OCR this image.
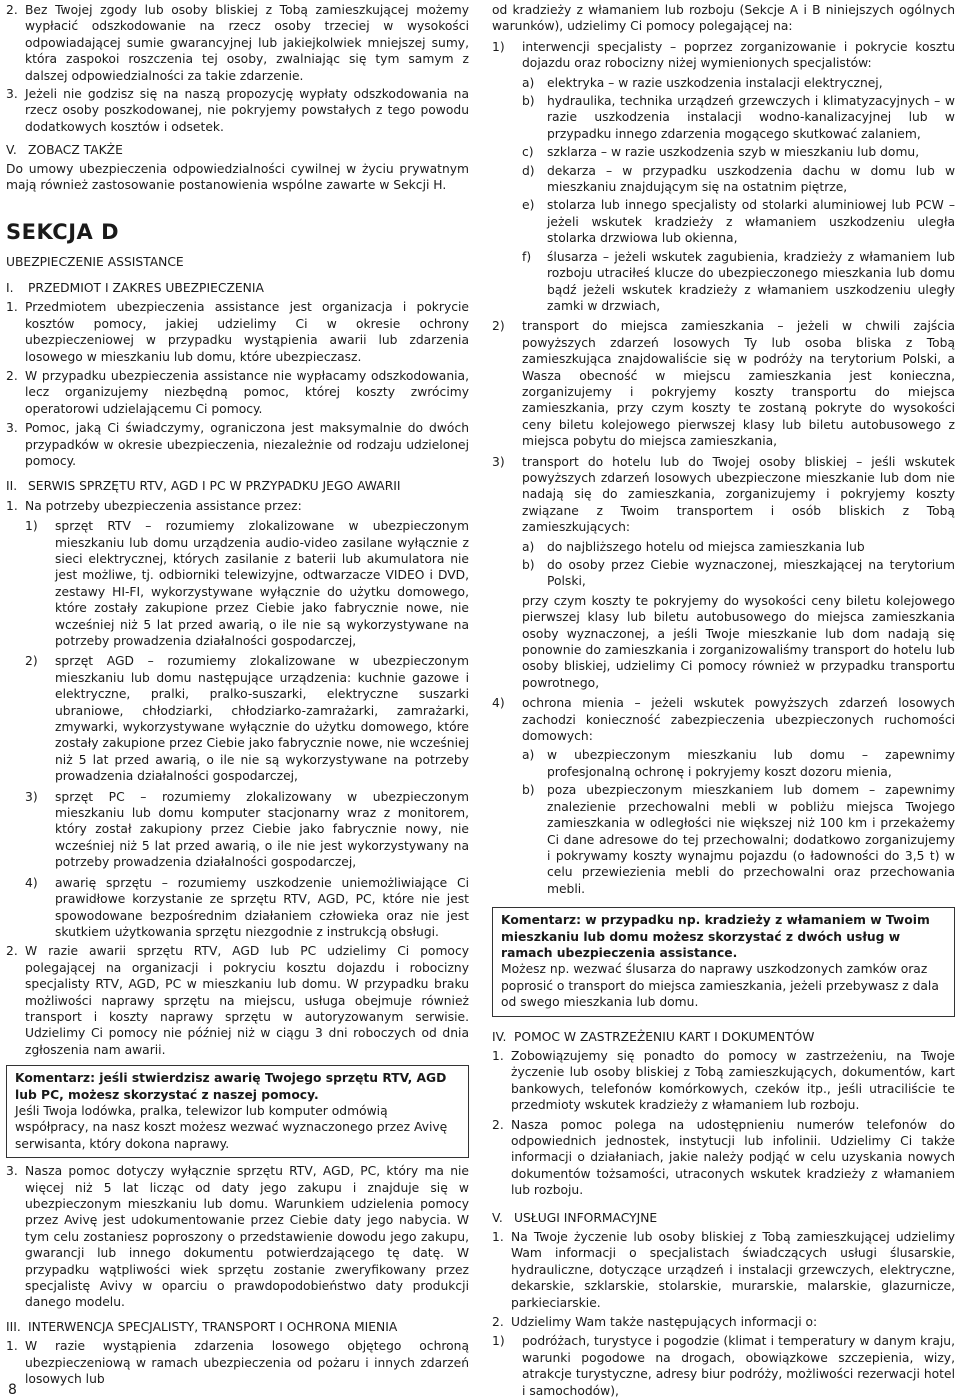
2. Bez Twojej zgody lub osoby bliskiej z Tobą zamieszkującej możemy wypłacić odszkodowanie na rzecz osoby trzeciej w wysokości odpowiadającej sumie gwarancyjnej lub jakiejkolwiek mniejszej sumy, która zaspokoi roszczenia tej osoby, zwalniając się tym samym z dalszej odpowiedzialności za takie zdarzenie.
3. Jeżeli nie godzisz się na naszą propozycję wypłaty odszkodowania na rzecz osoby poszkodowanej, nie pokryjemy powstałych z tego powodu dodatkowych kosztów i odsetek.
V. ZOBACZ TAKŻE

Do umowy ubezpieczenia odpowiedzialności cywilnej w życiu prywatnym mają również zastosowanie postanowienia wspólne zawarte w Sekcji H.

SEKCJA D
UBEZPIECZENIE ASSISTANCE
I.	PRZEDMIOT I ZAKRES UBEZPIECZENIA
1. Przedmiotem ubezpieczenia assistance jest organizacja i pokrycie kosztów pomocy, jakiej udzielimy Ci w okresie ochrony ubezpieczeniowej w przypadku wystąpienia awarii lub zdarzenia losowego w mieszkaniu lub domu, które ubezpieczasz.
2. W przypadku ubezpieczenia assistance nie wypłacamy odszkodowania, lecz organizujemy niezbędną pomoc, której koszty zwrócimy operatorowi udzielającemu Ci pomocy.
3. Pomoc, jaką Ci świadczymy, ograniczona jest maksymalnie do dwóch przypadków w okresie ubezpieczenia, niezależnie od rodzaju udzielonej pomocy.
II. SERWIS SPRZĘTU RTV, AGD I PC W PRZYPADKU JEGO AWARII
1. Na potrzeby ubezpieczenia assistance przez:
1)	sprzęt RTV – rozumiemy zlokalizowane w ubezpieczonym mieszkaniu lub domu urządzenia audio-video zasilane wyłącznie z sieci elektrycznej, których zasilanie z baterii lub akumulatora nie jest możliwe, tj. odbiorniki telewizyjne, odtwarzacze VIDEO i DVD, zestawy HI-FI, wykorzystywane wyłącznie do użytku domowego, które zostały zakupione przez Ciebie jako fabrycznie nowe, nie wcześniej niż 5 lat przed awarią, o ile nie są wykorzystywane na potrzeby prowadzenia działalności gospodarczej,
2)	sprzęt AGD – rozumiemy zlokalizowane w ubezpieczonym mieszkaniu lub domu następujące urządzenia: kuchnie gazowe i elektryczne, pralki, pralko-suszarki, elektryczne suszarki ubraniowe, chłodziarki, chłodziarko-zamrażarki, zamrażarki, zmywarki, wykorzystywane wyłącznie do użytku domowego, które zostały zakupione przez Ciebie jako fabrycznie nowe, nie wcześniej niż 5 lat przed awarią, o ile nie są wykorzystywane na potrzeby prowadzenia działalności gospodarczej,
3)	sprzęt PC – rozumiemy zlokalizowany w ubezpieczonym mieszkaniu lub domu komputer stacjonarny wraz z monitorem, który został zakupiony przez Ciebie jako fabrycznie nowy, nie wcześniej niż 5 lat przed awarią, o ile nie jest wykorzystywany na potrzeby prowadzenia działalności gospodarczej,
4)	awarię sprzętu – rozumiemy uszkodzenie uniemożliwiające Ci prawidłowe korzystanie ze sprzętu RTV, AGD, PC, które nie jest spowodowane bezpośrednim działaniem człowieka oraz nie jest skutkiem użytkowania sprzętu niezgodnie z instrukcją obsługi.
2. W razie awarii sprzętu RTV, AGD lub PC udzielimy Ci pomocy polegającej na organizacji i pokryciu kosztu dojazdu i robocizny specjalisty RTV, AGD, PC w mieszkaniu lub domu. W przypadku braku możliwości naprawy sprzętu na miejscu, usługa obejmuje również transport i koszty naprawy sprzętu w autoryzowanym serwisie. Udzielimy Ci pomocy nie później niż w ciągu 3 dni roboczych od dnia zgłoszenia nam awarii.

Komentarz: jeśli stwierdzisz awarię Twojego sprzętu RTV, AGD lub PC, możesz skorzystać z naszej pomocy.

Jeśli Twoja lodówka, pralka, telewizor lub komputer odmówią współpracy, na nasz koszt możesz wezwać wyznaczonego przez Avivę serwisanta, który dokona naprawy.

3. Nasza pomoc dotyczy wyłącznie sprzętu RTV, AGD, PC, który ma nie więcej niż 5 lat licząc od daty jego zakupu i znajduje się w ubezpieczonym mieszkaniu lub domu. Warunkiem udzielenia pomocy przez Avivę jest udokumentowanie przez Ciebie daty jego nabycia. W tym celu zostaniesz poproszony o przedstawienie dowodu jego zakupu, gwarancji lub innego dokumentu potwierdzającego tę datę. W przypadku wątpliwości wiek sprzętu zostanie zweryfikowany przez specjalistę Avivy w oparciu o prawdopodobieństwo daty produkcji danego modelu.
III. INTERWENCJA SPECJALISTY, TRANSPORT I OCHRONA MIENIA
1. W razie wystąpienia zdarzenia losowego objętego ochroną ubezpieczeniową w ramach ubezpieczenia od pożaru i innych zdarzeń losowych lub

od kradzieży z włamaniem lub rozboju (Sekcje A i B niniejszych ogólnych warunków), udzielimy Ci pomocy polegającej na:

1)	interwencji specjalisty – poprzez zorganizowanie i pokrycie kosztu dojazdu oraz robocizny niżej wymienionych specjalistów:
a)	elektryka – w razie uszkodzenia instalacji elektrycznej,
b)	hydraulika, technika urządzeń grzewczych i klimatyzacyjnych – w razie uszkodzenia instalacji wodno-kanalizacyjnej lub w przypadku innego zdarzenia mogącego skutkować zalaniem,
c)	szklarza – w razie uszkodzenia szyb w mieszkaniu lub domu,
d)	dekarza – w przypadku uszkodzenia dachu w domu lub w mieszkaniu znajdującym się na ostatnim piętrze,
e)	stolarza lub innego specjalisty od stolarki aluminiowej lub PCW – jeżeli wskutek kradzieży z włamaniem uszkodzeniu uległa stolarka drzwiowa lub okienna,
f)	ślusarza – jeżeli wskutek zagubienia, kradzieży z włamaniem lub rozboju utraciłeś klucze do ubezpieczonego mieszkania lub domu bądź jeżeli wskutek kradzieży z włamaniem uszkodzeniu uległy zamki w drzwiach,
2)	transport do miejsca zamieszkania – jeżeli w chwili zajścia powyższych zdarzeń losowych Ty lub osoba bliska z Tobą zamieszkująca znajdowaliście się w podróży na terytorium Polski, a Wasza obecność w miejscu zamieszkania jest konieczna, zorganizujemy i pokryjemy koszty transportu do miejsca zamieszkania, przy czym koszty te zostaną pokryte do wysokości ceny biletu kolejowego pierwszej klasy lub biletu autobusowego z miejsca pobytu do miejsca zamieszkania,
3)	transport do hotelu lub do Twojej osoby bliskiej – jeśli wskutek powyższych zdarzeń losowych ubezpieczone mieszkanie lub dom nie nadają się do zamieszkania, zorganizujemy i pokryjemy koszty związane z Twoim transportem i osób bliskich z Tobą zamieszkujących:
a)	do najbliższego hotelu od miejsca zamieszkania lub
b)	do osoby przez Ciebie wyznaczonej, mieszkającej na terytorium Polski,

przy czym koszty te pokryjemy do wysokości ceny biletu kolejowego pierwszej klasy lub biletu autobusowego do miejsca zamieszkania osoby wyznaczonej, a jeśli Twoje mieszkanie lub dom nadają się ponownie do zamieszkania i zorganizowaliśmy transport do hotelu lub osoby bliskiej, udzielimy Ci pomocy również w przypadku transportu powrotnego,

4)	ochrona mienia – jeżeli wskutek powyższych zdarzeń losowych zachodzi konieczność zabezpieczenia ubezpieczonych ruchomości domowych:
a)	w ubezpieczonym mieszkaniu lub domu – zapewnimy profesjonalną ochronę i pokryjemy koszt dozoru mienia,
b)	poza ubezpieczonym mieszkaniem lub domem – zapewnimy znalezienie przechowalni mebli w pobliżu miejsca Twojego zamieszkania w odległości nie większej niż 100 km i przekażemy Ci dane adresowe do tej przechowalni; dodatkowo zorganizujemy i pokrywamy koszty wynajmu pojazdu (o ładowności do 3,5 t) w celu przewiezienia mebli do przechowalni oraz przechowania mebli.

Komentarz: w przypadku np. kradzieży z włamaniem w Twoim mieszkaniu lub domu możesz skorzystać z dwóch usług w ramach ubezpieczenia assistance.

Możesz np. wezwać ślusarza do naprawy uszkodzonych zamków oraz poprosić o transport do miejsca zamieszkania, jeżeli przebywasz z dala od swego mieszkania lub domu.

IV. POMOC W ZASTRZEŻENIU KART I DOKUMENTÓW
1. Zobowiązujemy się ponadto do pomocy w zastrzeżeniu, na Twoje życzenie lub osoby bliskiej z Tobą zamieszkujących, dokumentów, kart bankowych, telefonów komórkowych, czeków itp., jeśli utraciliście te przedmioty wskutek kradzieży z włamaniem lub rozboju.
2. Nasza pomoc polega na udostępnieniu numerów telefonów do odpowiednich jednostek, instytucji lub infolinii. Udzielimy Ci także informacji o działaniach, jakie należy podjąć w celu uzyskania nowych dokumentów tożsamości, utraconych wskutek kradzieży z włamaniem lub rozboju.
V. USŁUGI INFORMACYJNE
1. Na Twoje życzenie lub osoby bliskiej z Tobą zamieszkującej udzielimy Wam informacji o specjalistach świadczących usługi ślusarskie, hydrauliczne, dotyczące urządzeń i instalacji grzewczych, elektryczne, dekarskie, szklarskie, stolarskie, murarskie, malarskie, glazurnicze, parkieciarskie.
2. Udzielimy Wam także następujących informacji o:
1)	podróżach, turystyce i pogodzie (klimat i temperatury w danym kraju, warunki pogodowe na drogach, obowiązkowe szczepienia, wizy, atrakcje turystyczne, adresy biur podróży, możliwości rezerwacji hotel i samochodów),
8
